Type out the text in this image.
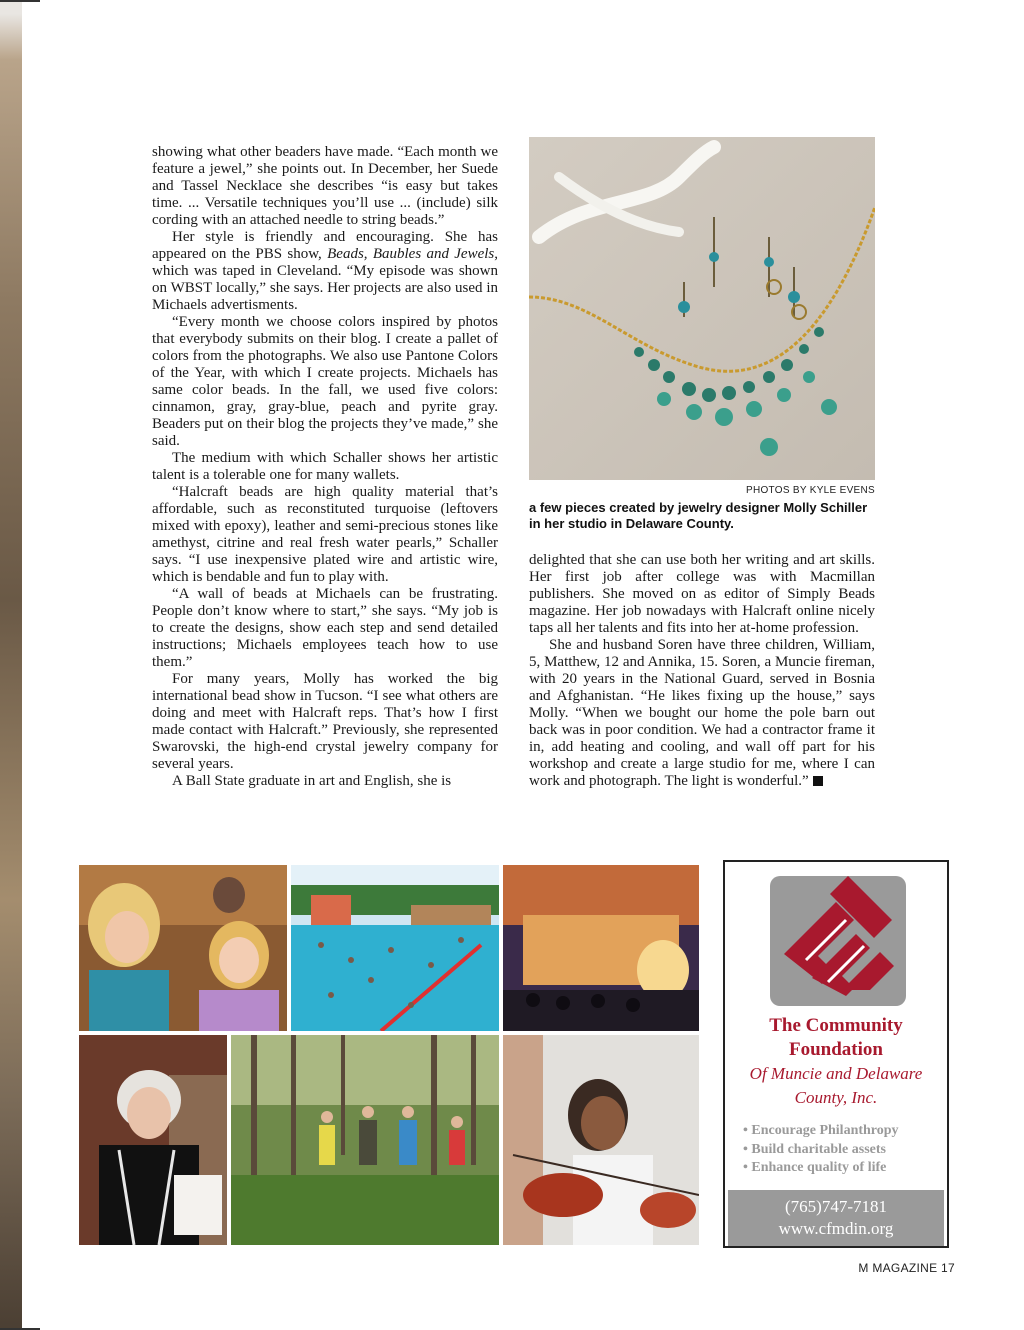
showing what other beaders have made. “Each month we feature a jewel,” she points out. In December, her Suede and Tassel Necklace she describes “is easy but takes time. ... Versatile techniques you’ll use ... (include) silk cording with an attached needle to string beads.”

Her style is friendly and encouraging. She has appeared on the PBS show, Beads, Baubles and Jewels, which was taped in Cleveland. “My episode was shown on WBST locally,” she says. Her projects are also used in Michaels advertisments.

“Every month we choose colors inspired by photos that everybody submits on their blog. I create a pallet of colors from the photographs. We also use Pantone Colors of the Year, with which I create projects. Michaels has same color beads. In the fall, we used five colors: cinnamon, gray, gray-blue, peach and pyrite gray. Beaders put on their blog the projects they’ve made,” she said.

The medium with which Schaller shows her artistic talent is a tolerable one for many wallets.

“Halcraft beads are high quality material that’s affordable, such as reconstituted turquoise (leftovers mixed with epoxy), leather and semi-precious stones like amethyst, citrine and real fresh water pearls,” Schaller says. “I use inexpensive plated wire and artistic wire, which is bendable and fun to play with.

“A wall of beads at Michaels can be frustrating. People don’t know where to start,” she says. “My job is to create the designs, show each step and send detailed instructions; Michaels employees teach how to use them.”

For many years, Molly has worked the big international bead show in Tucson. “I see what others are doing and meet with Halcraft reps. That’s how I first made contact with Halcraft.” Previously, she represented Swarovski, the high-end crystal jewelry company for several years.

A Ball State graduate in art and English, she is

PHOTOS BY KYLE EVENS
a few pieces created by jewelry designer Molly Schiller in her studio in Delaware County.

delighted that she can use both her writing and art skills. Her first job after college was with Macmillan publishers. She moved on as editor of Simply Beads magazine. Her job nowadays with Halcraft online nicely taps all her talents and fits into her at-home profession.

She and husband Soren have three children, William, 5, Matthew, 12 and Annika, 15. Soren, a Muncie fireman, with 20 years in the National Guard, served in Bosnia and Afghanistan. “He likes fixing up the house,” says Molly. “When we bought our home the pole barn out back was in poor condition. We had a contractor frame it in, add heating and cooling, and wall off part for his workshop and create a large studio for me, where I can work and photograph. The light is wonderful.”

The Community Foundation
Of Muncie and Delaware County, Inc.
• Encourage Philanthropy
• Build charitable assets
• Enhance quality of life
(765)747-7181
www.cfmdin.org
M MAGAZINE 17
